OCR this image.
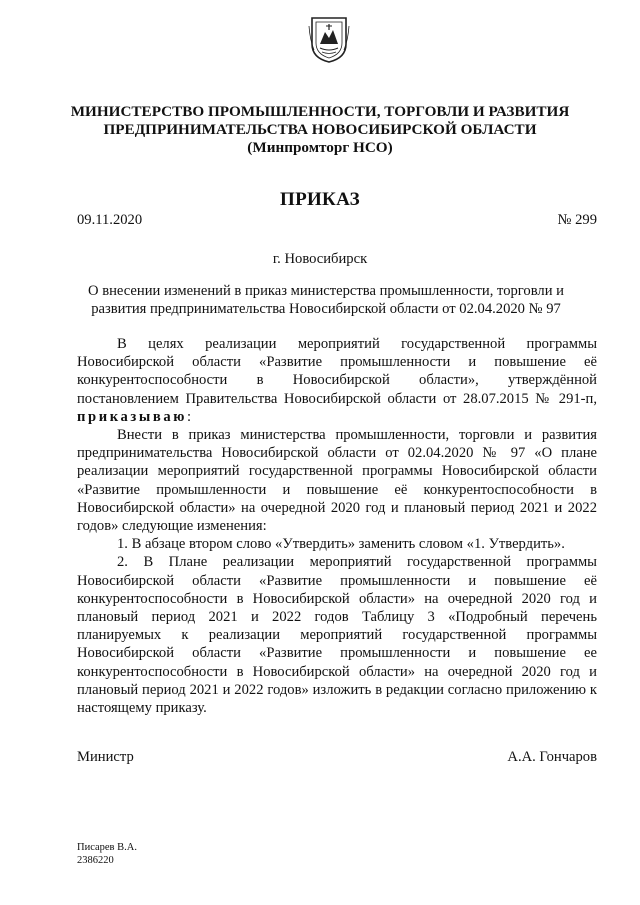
МИНИСТЕРСТВО ПРОМЫШЛЕННОСТИ, ТОРГОВЛИ И РАЗВИТИЯ
ПРЕДПРИНИМАТЕЛЬСТВА НОВОСИБИРСКОЙ ОБЛАСТИ
(Минпромторг НСО)
ПРИКАЗ
09.11.2020	№ 299
г. Новосибирск
О внесении изменений в приказ министерства промышленности, торговли и развития предпринимательства Новосибирской области от 02.04.2020 № 97

В целях реализации мероприятий государственной программы Новосибирской области «Развитие промышленности и повышение её конкурентоспособности в Новосибирской области», утверждённой постановлением Правительства Новосибирской области от 28.07.2015 № 291-п, приказываю:

Внести в приказ министерства промышленности, торговли и развития предпринимательства Новосибирской области от 02.04.2020 № 97 «О плане реализации мероприятий государственной программы Новосибирской области «Развитие промышленности и повышение её конкурентоспособности в Новосибирской области» на очередной 2020 год и плановый период 2021 и 2022 годов» следующие изменения:

1. В абзаце втором слово «Утвердить» заменить словом «1. Утвердить».

2. В Плане реализации мероприятий государственной программы Новосибирской области «Развитие промышленности и повышение её конкурентоспособности в Новосибирской области» на очередной 2020 год и плановый период 2021 и 2022 годов Таблицу 3 «Подробный перечень планируемых к реализации мероприятий государственной программы Новосибирской области «Развитие промышленности и повышение ее конкурентоспособности в Новосибирской области» на очередной 2020 год и плановый период 2021 и 2022 годов» изложить в редакции согласно приложению к настоящему приказу.

Министр	А.А. Гончаров
Писарев В.А.
2386220
